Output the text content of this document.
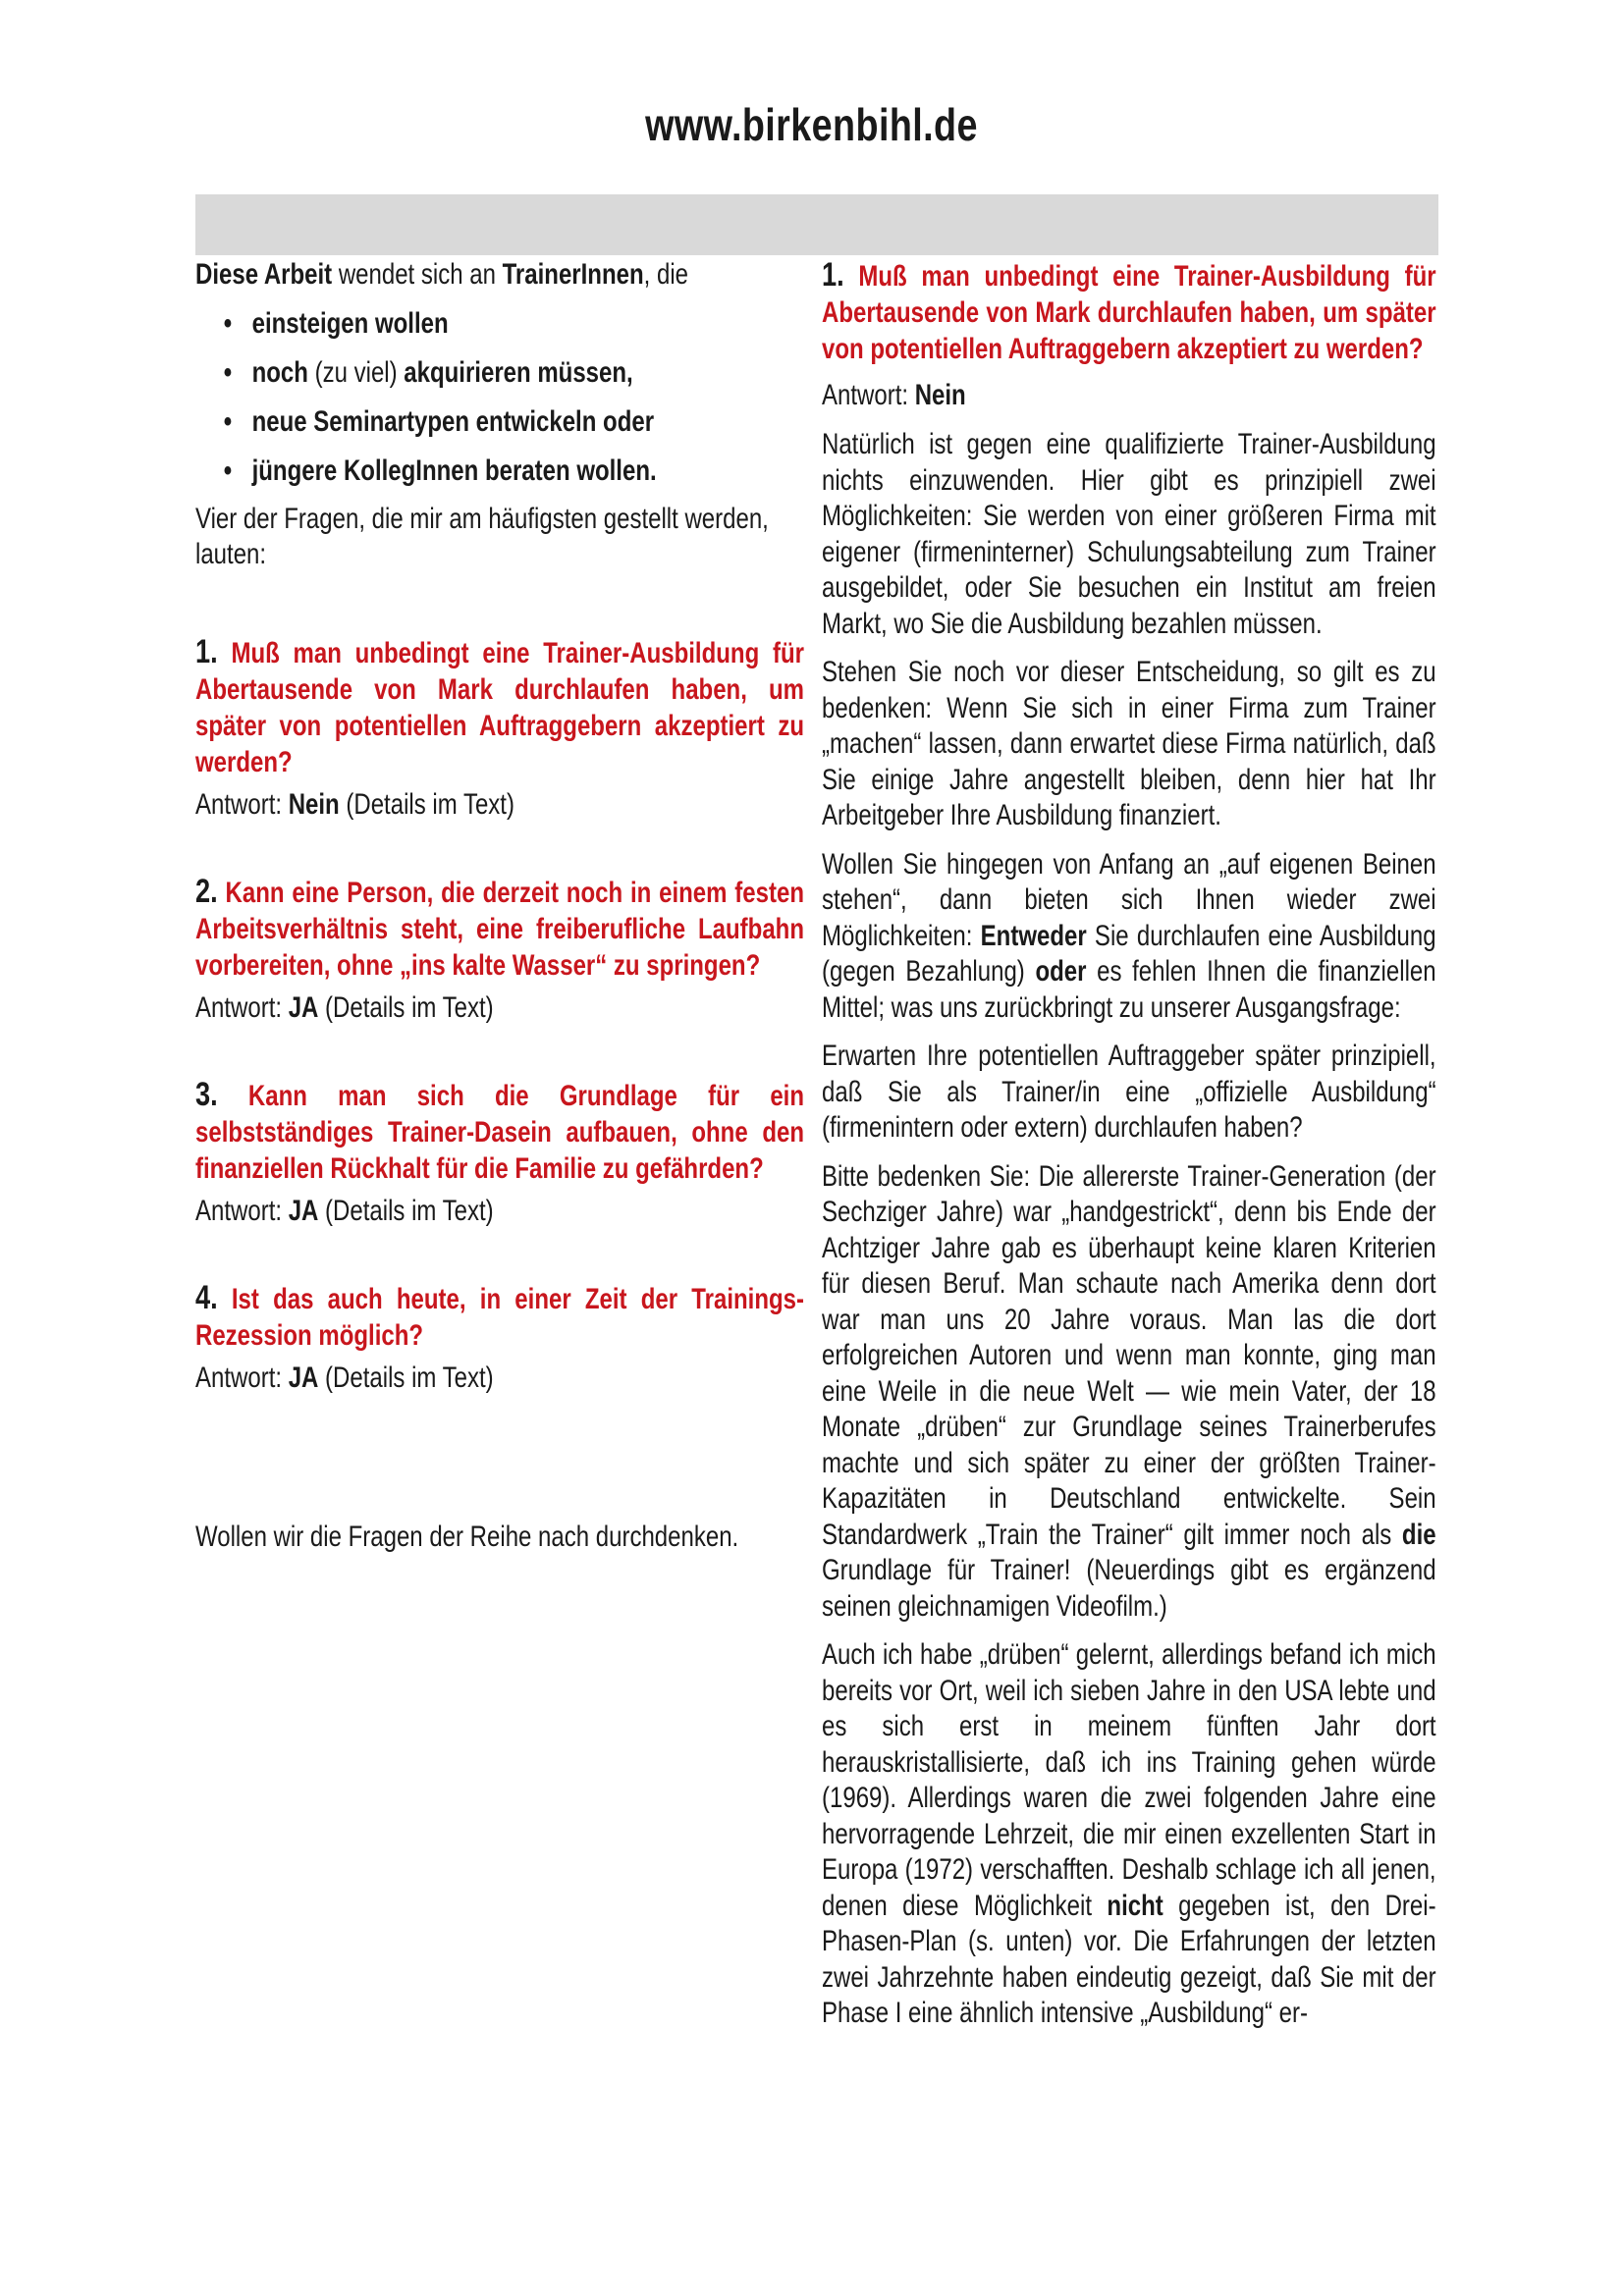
www.birkenbihl.de

Diese Arbeit wendet sich an TrainerInnen, die

• einsteigen wollen
• noch (zu viel) akquirieren müssen,
• neue Seminartypen entwickeln oder
• jüngere KollegInnen beraten wollen.

Vier der Fragen, die mir am häufigsten gestellt werden, lauten:

1. Muß man unbedingt eine Trainer-Ausbildung für Abertausende von Mark durchlaufen haben, um später von potentiellen Auftraggebern akzeptiert zu werden?

Antwort: Nein (Details im Text)

2. Kann eine Person, die derzeit noch in einem festen Arbeitsverhältnis steht, eine freiberufliche Laufbahn vorbereiten, ohne „ins kalte Wasser“ zu springen?

Antwort: JA (Details im Text)

3. Kann man sich die Grundlage für ein selbstständiges Trainer-Dasein aufbauen, ohne den finanziellen Rückhalt für die Familie zu gefährden?

Antwort: JA (Details im Text)

4. Ist das auch heute, in einer Zeit der Trainings-Rezession möglich?

Antwort: JA (Details im Text)

Wollen wir die Fragen der Reihe nach durchdenken.

1. Muß man unbedingt eine Trainer-Ausbildung für Abertausende von Mark durchlaufen haben, um später von potentiellen Auftraggebern akzeptiert zu werden?

Antwort: Nein

Natürlich ist gegen eine qualifizierte Trainer-Ausbildung nichts einzuwenden. Hier gibt es prinzipiell zwei Möglichkeiten: Sie werden von einer größeren Firma mit eigener (firmeninterner) Schulungsabteilung zum Trainer ausgebildet, oder Sie besuchen ein Institut am freien Markt, wo Sie die Ausbildung bezahlen müssen.

Stehen Sie noch vor dieser Entscheidung, so gilt es zu bedenken: Wenn Sie sich in einer Firma zum Trainer „machen“ lassen, dann erwartet diese Firma natürlich, daß Sie einige Jahre angestellt bleiben, denn hier hat Ihr Arbeitgeber Ihre Ausbildung finanziert.

Wollen Sie hingegen von Anfang an „auf eigenen Beinen stehen“, dann bieten sich Ihnen wieder zwei Möglichkeiten: Entweder Sie durchlaufen eine Ausbildung (gegen Bezahlung) oder es fehlen Ihnen die finanziellen Mittel; was uns zurückbringt zu unserer Ausgangsfrage:

Erwarten Ihre potentiellen Auftraggeber später prinzipiell, daß Sie als Trainer/in eine „offizielle Ausbildung“ (firmenintern oder extern) durchlaufen haben?

Bitte bedenken Sie: Die allererste Trainer-Generation (der Sechziger Jahre) war „handgestrickt“, denn bis Ende der Achtziger Jahre gab es überhaupt keine klaren Kriterien für diesen Beruf. Man schaute nach Amerika denn dort war man uns 20 Jahre voraus. Man las die dort erfolgreichen Autoren und wenn man konnte, ging man eine Weile in die neue Welt — wie mein Vater, der 18 Monate „drüben“ zur Grundlage seines Trainerberufes machte und sich später zu einer der größten Trainer-Kapazitäten in Deutschland entwickelte. Sein Standardwerk „Train the Trainer“ gilt immer noch als die Grundlage für Trainer! (Neuerdings gibt es ergänzend seinen gleichnamigen Videofilm.)

Auch ich habe „drüben“ gelernt, allerdings befand ich mich bereits vor Ort, weil ich sieben Jahre in den USA lebte und es sich erst in meinem fünften Jahr dort herauskristallisierte, daß ich ins Training gehen würde (1969). Allerdings waren die zwei folgenden Jahre eine hervorragende Lehrzeit, die mir einen exzellenten Start in Europa (1972) verschafften. Deshalb schlage ich all jenen, denen diese Möglichkeit nicht gegeben ist, den Drei-Phasen-Plan (s. unten) vor. Die Erfahrungen der letzten zwei Jahrzehnte haben eindeutig gezeigt, daß Sie mit der Phase I eine ähnlich intensive „Ausbildung“ er-
